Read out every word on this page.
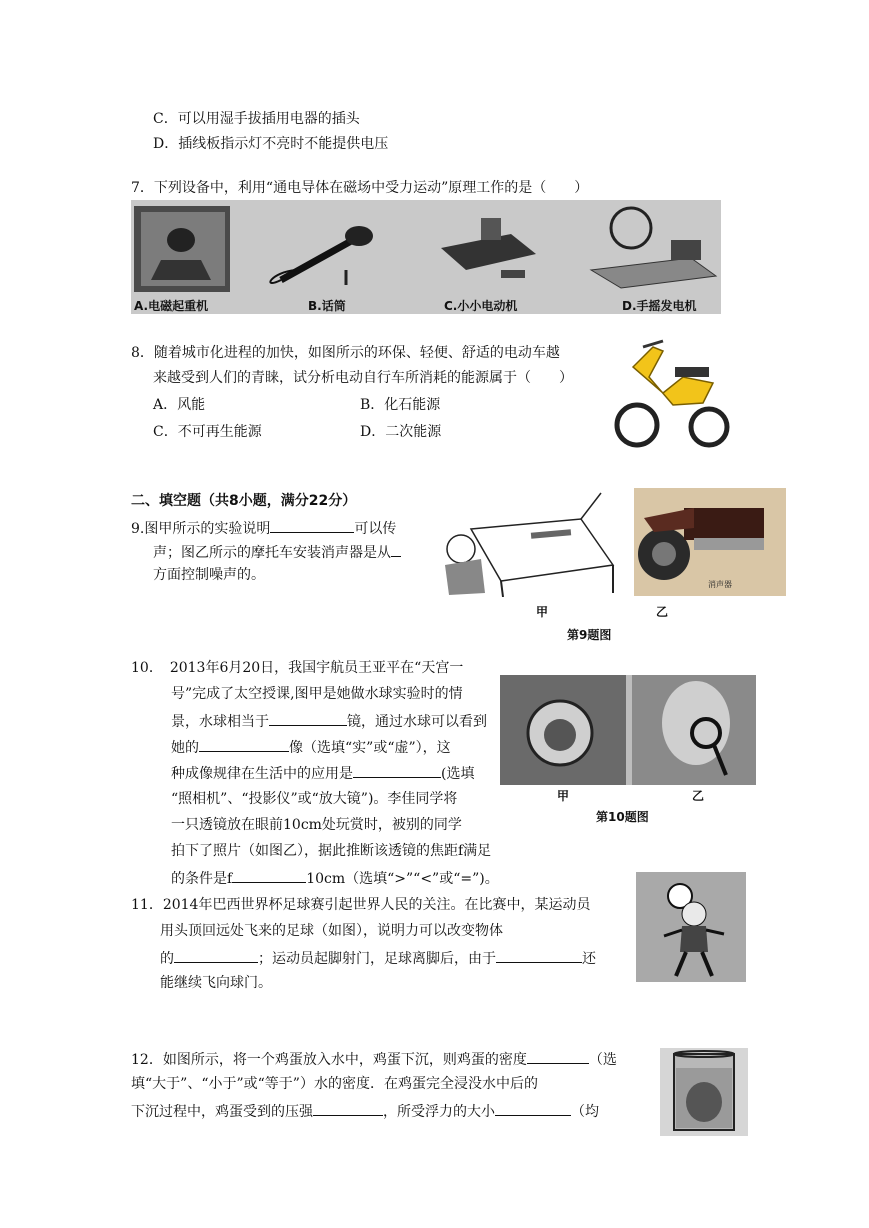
C．可以用湿手拔插用电器的插头
D．插线板指示灯不亮时不能提供电压
7．下列设备中，利用“通电导体在磁场中受力运动”原理工作的是（　　）
A.电磁起重机	B.话筒	C.小小电动机	D.手摇发电机
8．随着城市化进程的加快，如图所示的环保、轻便、舒适的电动车越
来越受到人们的青睐，试分析电动自行车所消耗的能源属于（　　）
A．风能	B．化石能源
C．不可再生能源	D．二次能源
二、填空题（共8小题，满分22分）
9.图甲所示的实验说明	可以传
声；图乙所示的摩托车安装消声器是从
方面控制噪声的。
消声器
甲	乙
第9题图
10．　2013年6月20日，我国宇航员王亚平在“天宫一
号”完成了太空授课,图甲是她做水球实验时的情
景，水球相当于	镜，通过水球可以看到
她的	像（选填“实”或“虚”），这
种成像规律在生活中的应用是	(选填
“照相机”、“投影仪”或“放大镜”)。李佳同学将
一只透镜放在眼前10cm处玩赏时，被别的同学
拍下了照片（如图乙），据此推断该透镜的焦距f满足
的条件是f	10cm（选填“>”“<”或“=”)。
甲	乙
第10题图
11．2014年巴西世界杯足球赛引起世界人民的关注。在比赛中，某运动员
用头顶回远处飞来的足球（如图），说明力可以改变物体
的	；运动员起脚射门，足球离脚后，由于	还
能继续飞向球门。
12．如图所示，将一个鸡蛋放入水中，鸡蛋下沉，则鸡蛋的密度	（选
填“大于”、“小于”或“等于”）水的密度．在鸡蛋完全浸没水中后的
下沉过程中，鸡蛋受到的压强	，所受浮力的大小	（均
